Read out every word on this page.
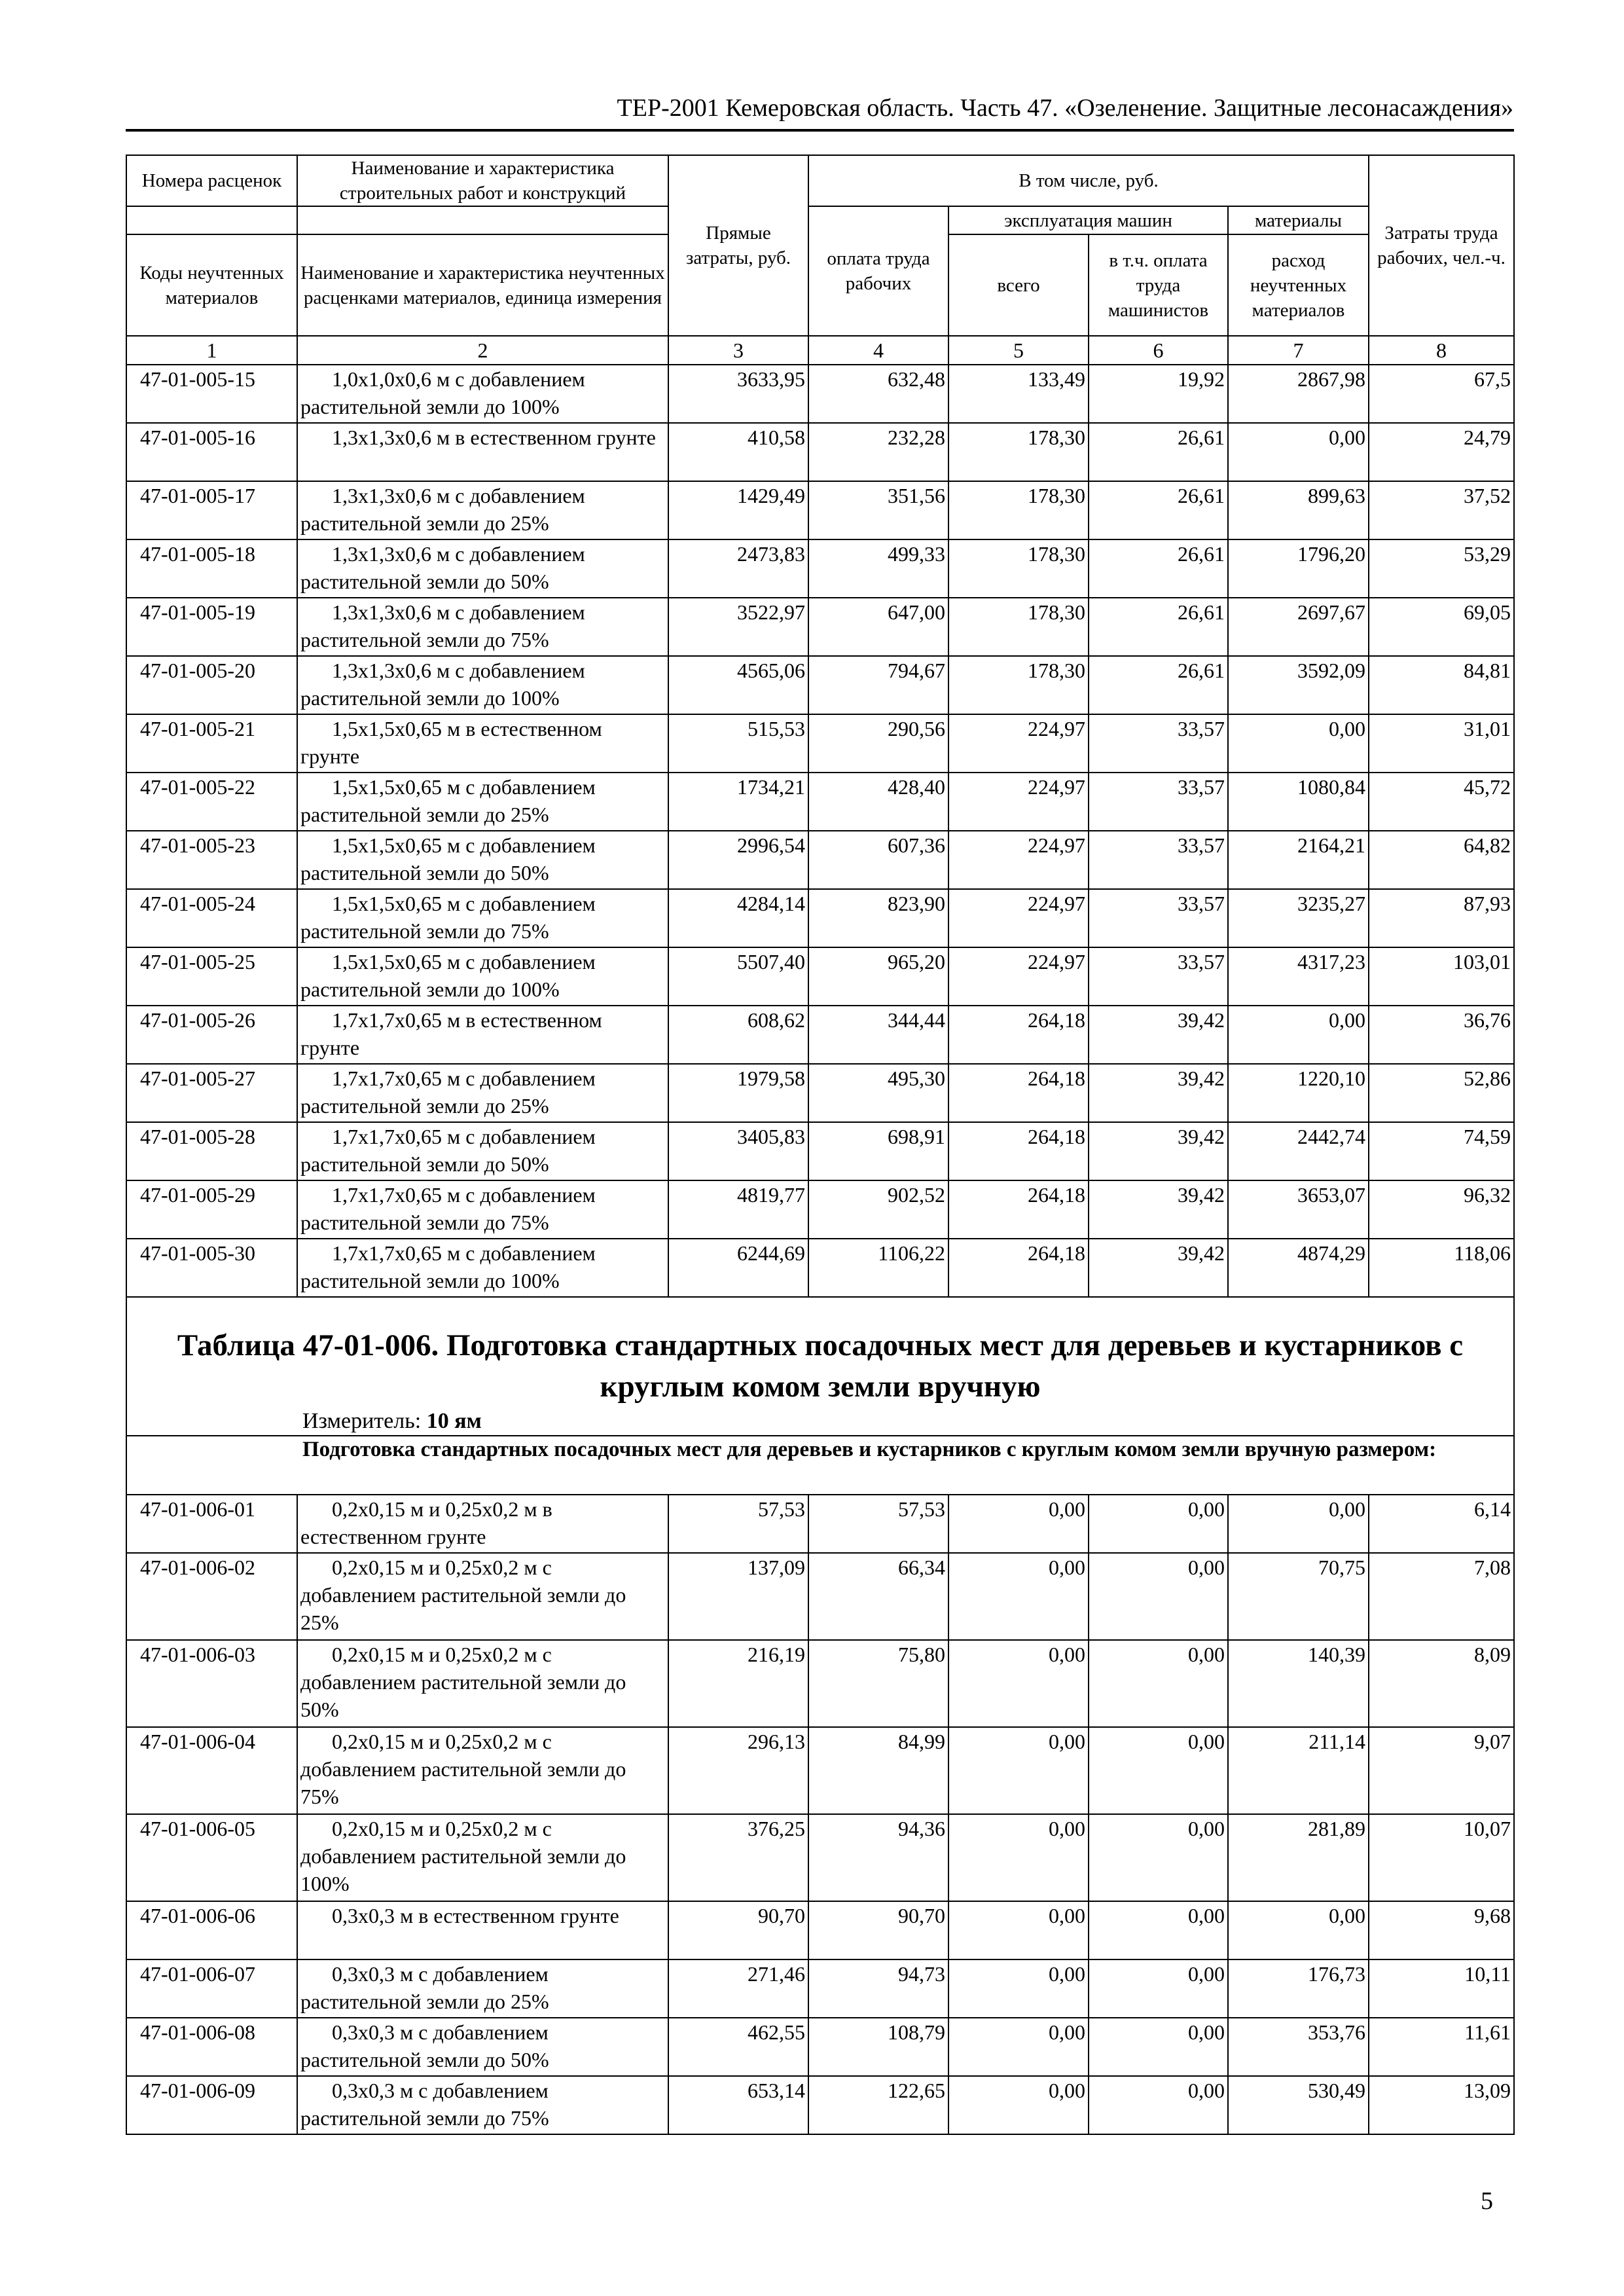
ТЕР-2001 Кемеровская область. Часть 47. «Озеленение. Защитные лесонасаждения»
Номера расценок	Наименование и характеристика строительных работ и конструкций	Прямые затраты, руб.	В том числе, руб.				Затраты труда рабочих, чел.-ч.
			оплата труда рабочих	эксплуатация машин		материалы	
Коды неучтенных материалов	Наименование и характеристика неучтенных расценками материалов, единица измерения			всего	в т.ч. оплата труда машинистов	расход неучтенных материалов	

1	2	3	4	5	6	7	8
47-01-005-15	1,0x1,0x0,6 м с добавлением растительной земли до 100%	3633,95	632,48	133,49	19,92	2867,98	67,5
47-01-005-16	1,3x1,3x0,6 м в естественном грунте	410,58	232,28	178,30	26,61	0,00	24,79
47-01-005-17	1,3x1,3x0,6 м с добавлением растительной земли до 25%	1429,49	351,56	178,30	26,61	899,63	37,52
47-01-005-18	1,3x1,3x0,6 м с добавлением растительной земли до 50%	2473,83	499,33	178,30	26,61	1796,20	53,29
47-01-005-19	1,3x1,3x0,6 м с добавлением растительной земли до 75%	3522,97	647,00	178,30	26,61	2697,67	69,05
47-01-005-20	1,3x1,3x0,6 м с добавлением растительной земли до 100%	4565,06	794,67	178,30	26,61	3592,09	84,81
47-01-005-21	1,5x1,5x0,65 м в естественном грунте	515,53	290,56	224,97	33,57	0,00	31,01
47-01-005-22	1,5x1,5x0,65 м с добавлением растительной земли до 25%	1734,21	428,40	224,97	33,57	1080,84	45,72
47-01-005-23	1,5x1,5x0,65 м с добавлением растительной земли до 50%	2996,54	607,36	224,97	33,57	2164,21	64,82
47-01-005-24	1,5x1,5x0,65 м с добавлением растительной земли до 75%	4284,14	823,90	224,97	33,57	3235,27	87,93
47-01-005-25	1,5x1,5x0,65 м с добавлением растительной земли до 100%	5507,40	965,20	224,97	33,57	4317,23	103,01
47-01-005-26	1,7x1,7x0,65 м в естественном грунте	608,62	344,44	264,18	39,42	0,00	36,76
47-01-005-27	1,7x1,7x0,65 м с добавлением растительной земли до 25%	1979,58	495,30	264,18	39,42	1220,10	52,86
47-01-005-28	1,7x1,7x0,65 м с добавлением растительной земли до 50%	3405,83	698,91	264,18	39,42	2442,74	74,59
47-01-005-29	1,7x1,7x0,65 м с добавлением растительной земли до 75%	4819,77	902,52	264,18	39,42	3653,07	96,32
47-01-005-30	1,7x1,7x0,65 м с добавлением растительной земли до 100%	6244,69	1106,22	264,18	39,42	4874,29	118,06

Таблица 47-01-006. Подготовка стандартных посадочных мест для деревьев и кустарников с круглым комом земли вручную							

Измеритель: 10 ям							
Подготовка стандартных посадочных мест для деревьев и кустарников с круглым комом земли вручную размером:							
47-01-006-01	0,2x0,15 м и 0,25x0,2 м в естественном грунте	57,53	57,53	0,00	0,00	0,00	6,14
47-01-006-02	0,2x0,15 м и 0,25x0,2 м с добавлением растительной земли до 25%	137,09	66,34	0,00	0,00	70,75	7,08
47-01-006-03	0,2x0,15 м и 0,25x0,2 м с добавлением растительной земли до 50%	216,19	75,80	0,00	0,00	140,39	8,09
47-01-006-04	0,2x0,15 м и 0,25x0,2 м с добавлением растительной земли до 75%	296,13	84,99	0,00	0,00	211,14	9,07
47-01-006-05	0,2x0,15 м и 0,25x0,2 м с добавлением растительной земли до 100%	376,25	94,36	0,00	0,00	281,89	10,07
47-01-006-06	0,3x0,3 м в естественном грунте	90,70	90,70	0,00	0,00	0,00	9,68
47-01-006-07	0,3x0,3 м с добавлением растительной земли до 25%	271,46	94,73	0,00	0,00	176,73	10,11
47-01-006-08	0,3x0,3 м с добавлением растительной земли до 50%	462,55	108,79	0,00	0,00	353,76	11,61
47-01-006-09	0,3x0,3 м с добавлением растительной земли до 75%	653,14	122,65	0,00	0,00	530,49	13,09
5
